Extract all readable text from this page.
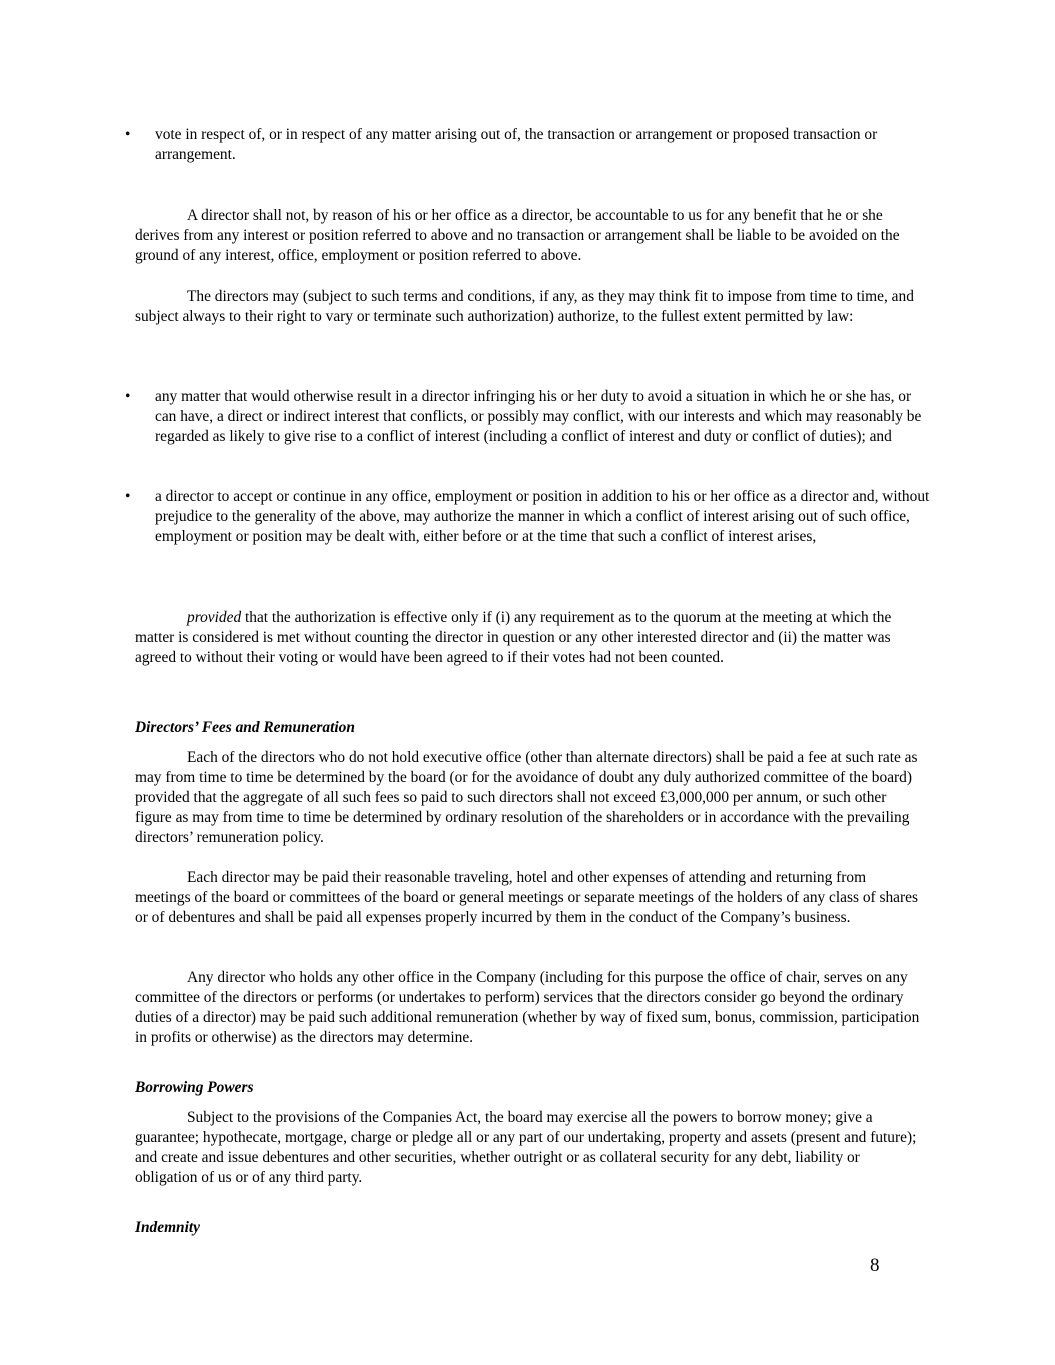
• vote in respect of, or in respect of any matter arising out of, the transaction or arrangement or proposed transaction or arrangement.
A director shall not, by reason of his or her office as a director, be accountable to us for any benefit that he or she derives from any interest or position referred to above and no transaction or arrangement shall be liable to be avoided on the ground of any interest, office, employment or position referred to above.
The directors may (subject to such terms and conditions, if any, as they may think fit to impose from time to time, and subject always to their right to vary or terminate such authorization) authorize, to the fullest extent permitted by law:
• any matter that would otherwise result in a director infringing his or her duty to avoid a situation in which he or she has, or can have, a direct or indirect interest that conflicts, or possibly may conflict, with our interests and which may reasonably be regarded as likely to give rise to a conflict of interest (including a conflict of interest and duty or conflict of duties); and
• a director to accept or continue in any office, employment or position in addition to his or her office as a director and, without prejudice to the generality of the above, may authorize the manner in which a conflict of interest arising out of such office, employment or position may be dealt with, either before or at the time that such a conflict of interest arises,
provided that the authorization is effective only if (i) any requirement as to the quorum at the meeting at which the matter is considered is met without counting the director in question or any other interested director and (ii) the matter was agreed to without their voting or would have been agreed to if their votes had not been counted.
Directors’ Fees and Remuneration
Each of the directors who do not hold executive office (other than alternate directors) shall be paid a fee at such rate as may from time to time be determined by the board (or for the avoidance of doubt any duly authorized committee of the board) provided that the aggregate of all such fees so paid to such directors shall not exceed £3,000,000 per annum, or such other figure as may from time to time be determined by ordinary resolution of the shareholders or in accordance with the prevailing directors’ remuneration policy.
Each director may be paid their reasonable traveling, hotel and other expenses of attending and returning from meetings of the board or committees of the board or general meetings or separate meetings of the holders of any class of shares or of debentures and shall be paid all expenses properly incurred by them in the conduct of the Company’s business.
Any director who holds any other office in the Company (including for this purpose the office of chair, serves on any committee of the directors or performs (or undertakes to perform) services that the directors consider go beyond the ordinary duties of a director) may be paid such additional remuneration (whether by way of fixed sum, bonus, commission, participation in profits or otherwise) as the directors may determine.
Borrowing Powers
Subject to the provisions of the Companies Act, the board may exercise all the powers to borrow money; give a guarantee; hypothecate, mortgage, charge or pledge all or any part of our undertaking, property and assets (present and future); and create and issue debentures and other securities, whether outright or as collateral security for any debt, liability or obligation of us or of any third party.
Indemnity
8
